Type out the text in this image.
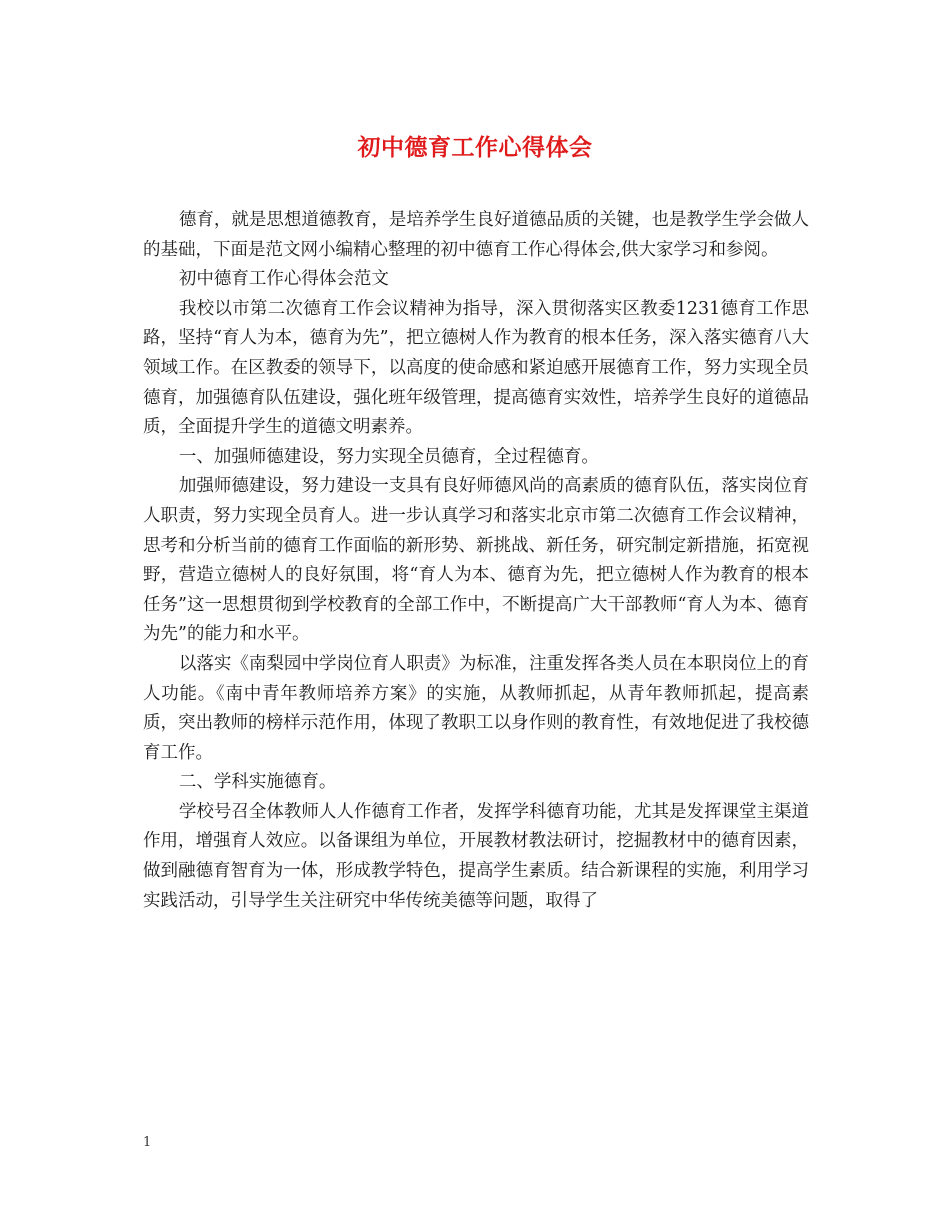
初中德育工作心得体会

德育，就是思想道德教育，是培养学生良好道德品质的关键，也是教学生学会做人的基础，下面是范文网小编精心整理的初中德育工作心得体会,供大家学习和参阅。

初中德育工作心得体会范文

我校以市第二次德育工作会议精神为指导，深入贯彻落实区教委1231德育工作思路，坚持“育人为本，德育为先”，把立德树人作为教育的根本任务，深入落实德育八大领域工作。在区教委的领导下，以高度的使命感和紧迫感开展德育工作，努力实现全员德育，加强德育队伍建设，强化班年级管理，提高德育实效性，培养学生良好的道德品质，全面提升学生的道德文明素养。

一、加强师德建设，努力实现全员德育，全过程德育。

加强师德建设，努力建设一支具有良好师德风尚的高素质的德育队伍，落实岗位育人职责，努力实现全员育人。进一步认真学习和落实北京市第二次德育工作会议精神，思考和分析当前的德育工作面临的新形势、新挑战、新任务，研究制定新措施，拓宽视野，营造立德树人的良好氛围，将“育人为本、德育为先，把立德树人作为教育的根本任务”这一思想贯彻到学校教育的全部工作中，不断提高广大干部教师“育人为本、德育为先”的能力和水平。

以落实《南梨园中学岗位育人职责》为标准，注重发挥各类人员在本职岗位上的育人功能。《南中青年教师培养方案》的实施，从教师抓起，从青年教师抓起，提高素质，突出教师的榜样示范作用，体现了教职工以身作则的教育性，有效地促进了我校德育工作。

二、学科实施德育。

学校号召全体教师人人作德育工作者，发挥学科德育功能，尤其是发挥课堂主渠道作用，增强育人效应。以备课组为单位，开展教材教法研讨，挖掘教材中的德育因素，做到融德育智育为一体，形成教学特色，提高学生素质。结合新课程的实施，利用学习实践活动，引导学生关注研究中华传统美德等问题，取得了

1
